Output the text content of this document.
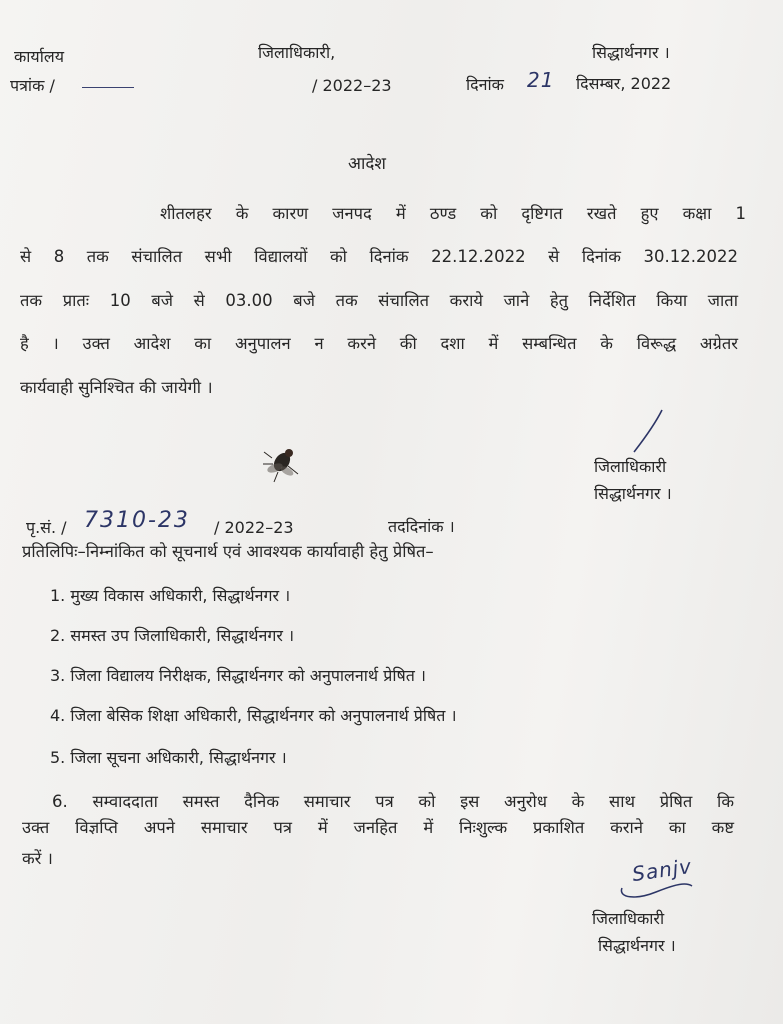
कार्यालय	जिलाधिकारी,	सिद्धार्थनगर ।
पत्रांक /	/ 2022–23	दिनांक 21 दिसम्बर, 2022
आदेश
शीतलहर के कारण जनपद में ठण्ड को दृष्टिगत रखते हुए कक्षा 1
से 8 तक संचालित सभी विद्यालयों को दिनांक 22.12.2022 से दिनांक 30.12.2022
तक प्रातः 10 बजे से 03.00 बजे तक संचालित कराये जाने हेतु निर्देशित किया जाता
है । उक्त आदेश का अनुपालन न करने की दशा में सम्बन्धित के विरूद्ध अग्रेतर
कार्यवाही सुनिश्चित की जायेगी ।
जिलाधिकारी
सिद्धार्थनगर ।
पृ.सं. / 7310-23 / 2022–23	तददिनांक ।
प्रतिलिपिः–निम्नांकित को सूचनार्थ एवं आवश्यक कार्यावाही हेतु प्रेषित–
1. मुख्य विकास अधिकारी, सिद्धार्थनगर ।
2. समस्त उप जिलाधिकारी, सिद्धार्थनगर ।
3. जिला विद्यालय निरीक्षक, सिद्धार्थनगर को अनुपालनार्थ प्रेषित ।
4. जिला बेसिक शिक्षा अधिकारी, सिद्धार्थनगर को अनुपालनार्थ प्रेषित ।
5. जिला सूचना अधिकारी, सिद्धार्थनगर ।
6. सम्वाददाता समस्त दैनिक समाचार पत्र को इस अनुरोध के साथ प्रेषित कि
उक्त विज्ञप्ति अपने समाचार पत्र में जनहित में निःशुल्क प्रकाशित कराने का कष्ट
करें ।	Sanjv
जिलाधिकारी
सिद्धार्थनगर ।
